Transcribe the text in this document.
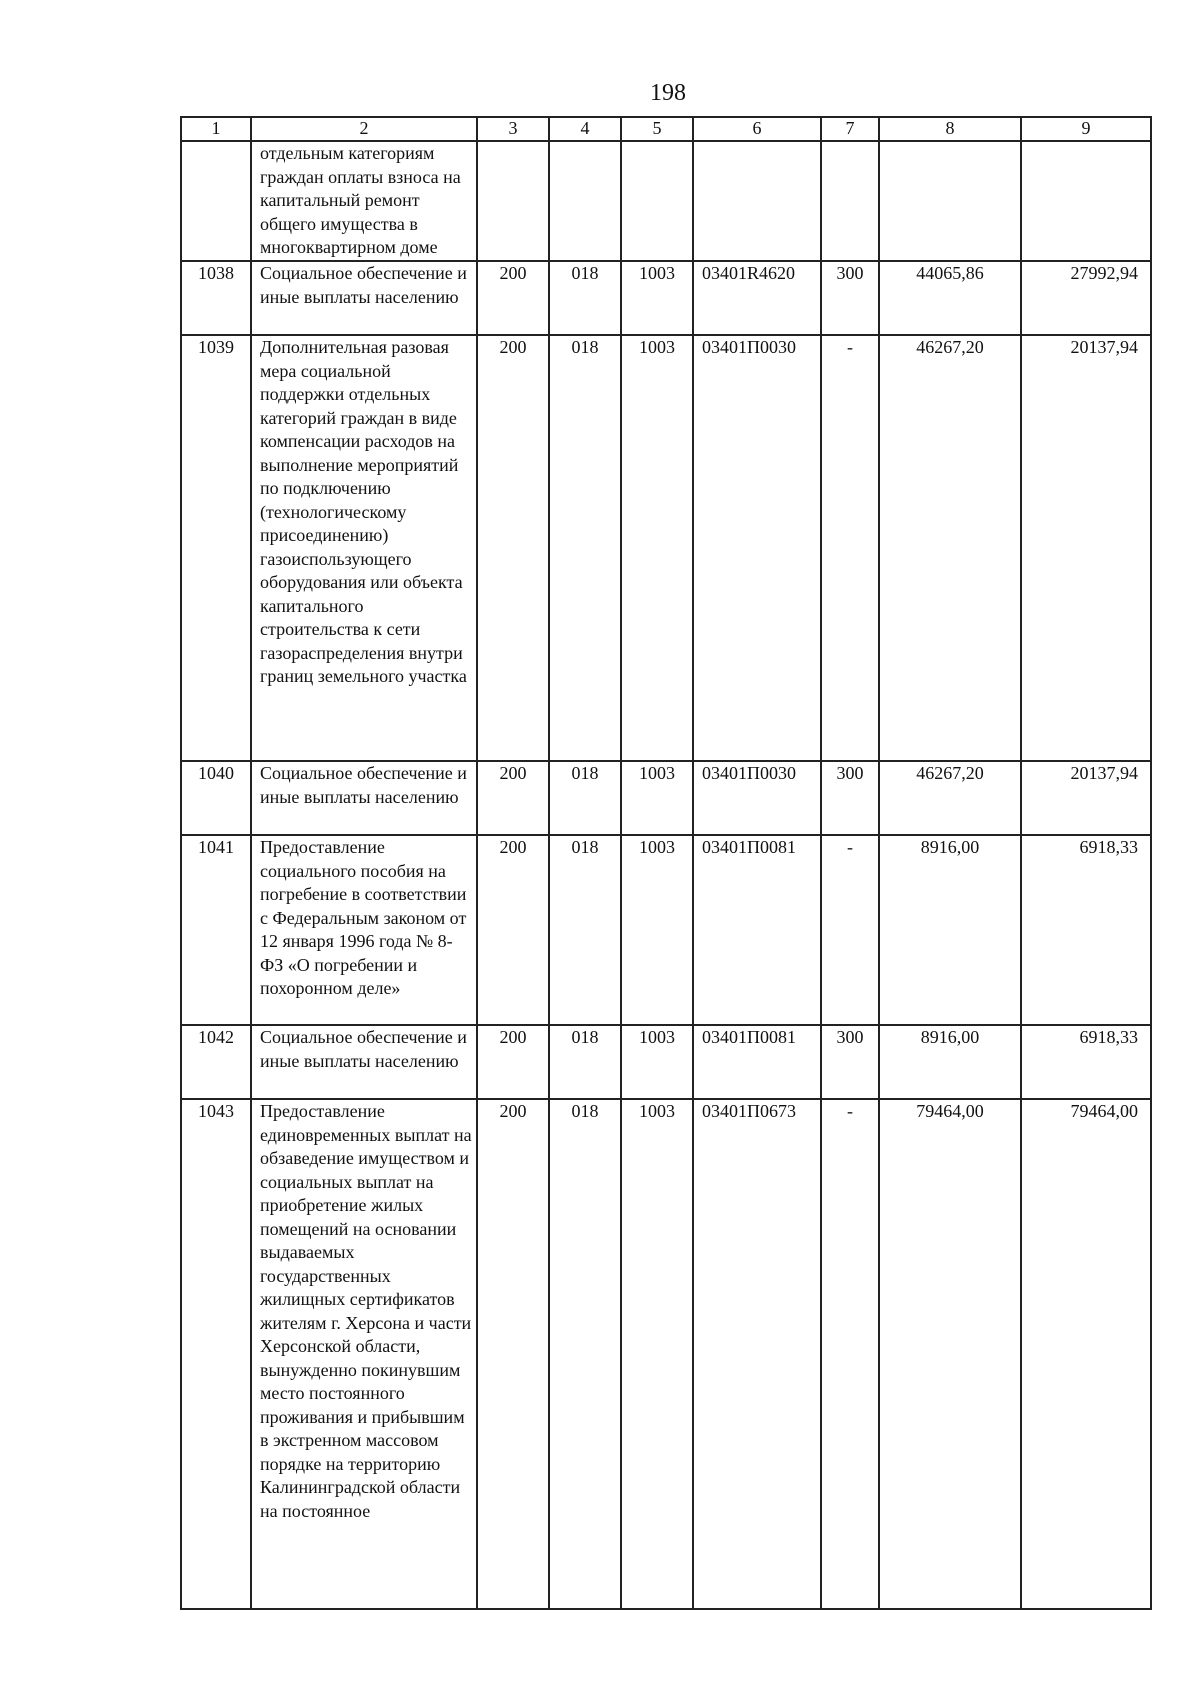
198
1	2	3	4	5	6	7	8	9
	отдельным категориям граждан оплаты взноса на капитальный ремонт общего имущества в многоквартирном доме							
1038	Социальное обеспечение и иные выплаты населению	200	018	1003	03401R4620	300	44065,86	27992,94
1039	Дополнительная разовая мера социальной поддержки отдельных категорий граждан в виде компенсации расходов на выполнение мероприятий по подключению (технологическому присоединению) газоиспользующего оборудования или объекта капитального строительства к сети газораспределения внутри границ земельного участка	200	018	1003	03401П0030	-	46267,20	20137,94
1040	Социальное обеспечение и иные выплаты населению	200	018	1003	03401П0030	300	46267,20	20137,94
1041	Предоставление социального пособия на погребение в соответствии с Федеральным законом от 12 января 1996 года № 8-ФЗ «О погребении и похоронном деле»	200	018	1003	03401П0081	-	8916,00	6918,33
1042	Социальное обеспечение и иные выплаты населению	200	018	1003	03401П0081	300	8916,00	6918,33
1043	Предоставление единовременных выплат на обзаведение имуществом и социальных выплат на приобретение жилых помещений на основании выдаваемых государственных жилищных сертификатов жителям г. Херсона и части Херсонской области, вынужденно покинувшим место постоянного проживания и прибывшим в экстренном массовом порядке на территорию Калининградской области на постоянное	200	018	1003	03401П0673	-	79464,00	79464,00
